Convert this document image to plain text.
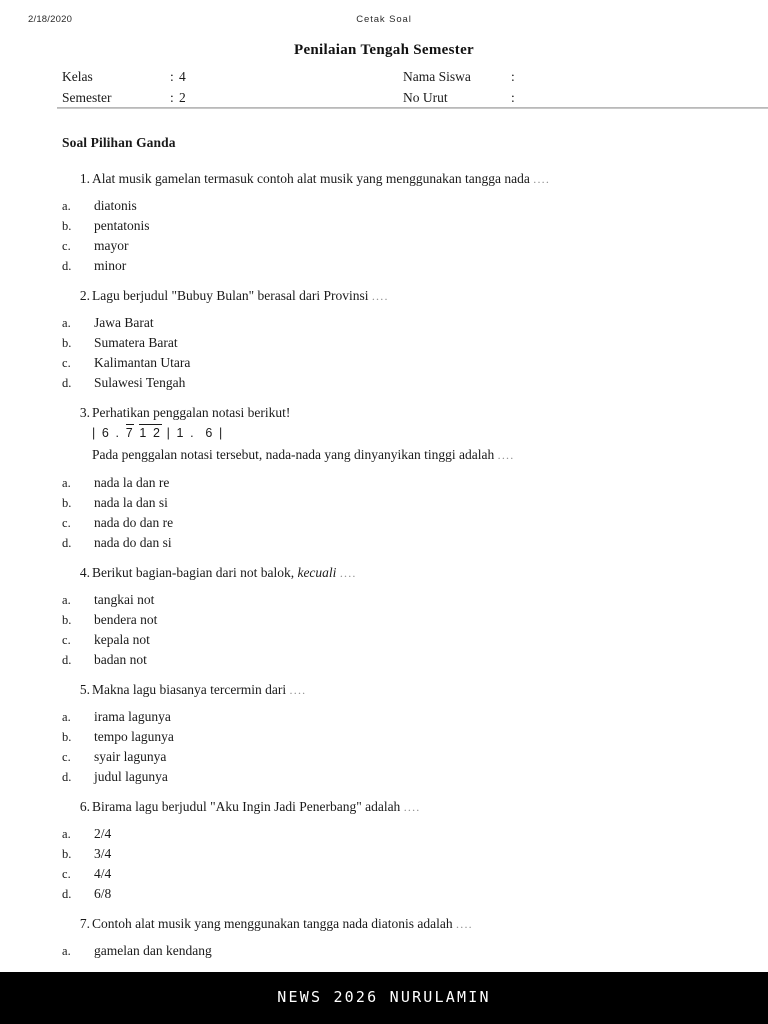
2/18/2020	Cetak Soal
Penilaian Tengah Semester
Kelas	: 4
Semester	: 2
Nama Siswa	:
No Urut	:
Soal Pilihan Ganda
1 . Alat musik gamelan termasuk contoh alat musik yang menggunakan tangga nada ....
a .	diatonis
b .	pentatonis
c .	mayor
d .	minor
2 . Lagu berjudul "Bubuy Bulan" berasal dari Provinsi ....
a .	Jawa Barat
b .	Sumatera Barat
c .	Kalimantan Utara
d .	Sulawesi Tengah
3 . Perhatikan penggalan notasi berikut!
| 6 . 7 1 2 | 1 .  6 |
Pada penggalan notasi tersebut, nada-nada yang dinyanyikan tinggi adalah ....
a .	nada la dan re
b .	nada la dan si
c .	nada do dan re
d .	nada do dan si
4 . Berikut bagian-bagian dari not balok, kecuali ....
a .	tangkai not
b .	bendera not
c .	kepala not
d .	badan not
5 . Makna lagu biasanya tercermin dari ....
a .	irama lagunya
b .	tempo lagunya
c .	syair lagunya
d .	judul lagunya
6 . Birama lagu berjudul "Aku Ingin Jadi Penerbang" adalah ....
a .	2/4
b .	3/4
c .	4/4
d .	6/8
7 . Contoh alat musik yang menggunakan tangga nada diatonis adalah ....
a .	gamelan dan kendang
NEWS 2026 NURULAMIN
